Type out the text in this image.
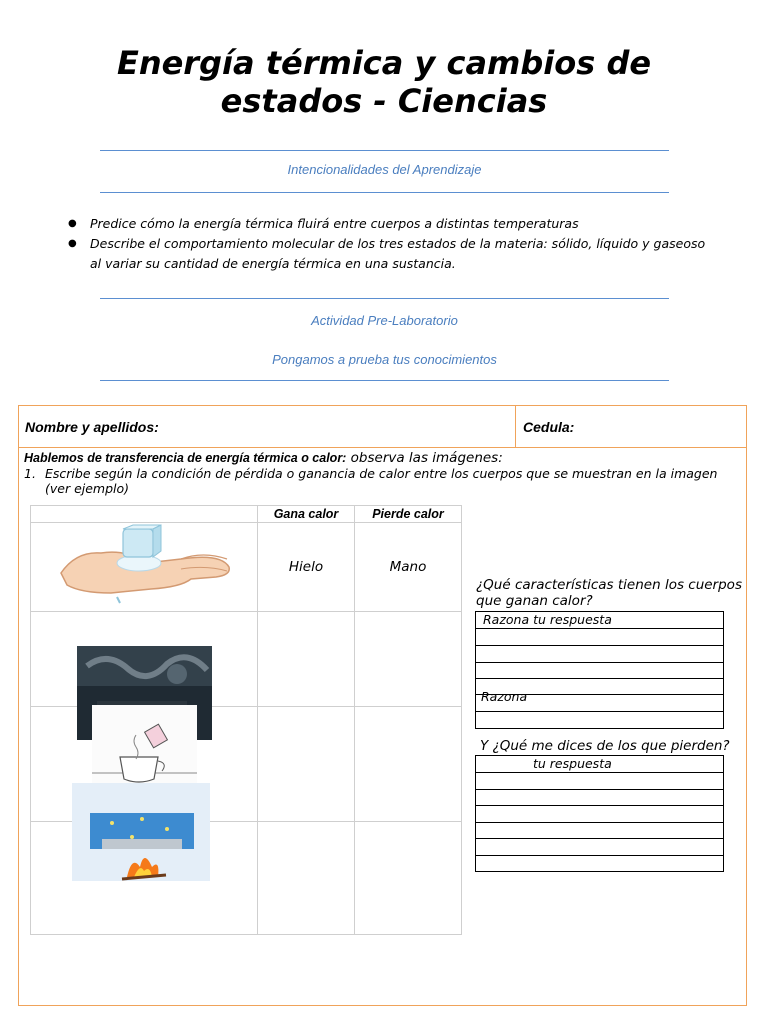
Energía térmica y cambios de
estados - Ciencias
Intencionalidades del Aprendizaje
● Predice cómo la energía térmica fluirá entre cuerpos a distintas temperaturas
● Describe el comportamiento molecular de los tres estados de la materia: sólido, líquido y gaseoso
al variar su cantidad de energía térmica en una sustancia.
Actividad Pre-Laboratorio
Pongamos a prueba tus conocimientos
Nombre y apellidos:	Cedula:
Hablemos de transferencia de energía térmica o calor: observa las imágenes:
1. Escribe según la condición de pérdida o ganancia de calor entre los cuerpos que se muestran en la imagen (ver ejemplo)
	Gana calor	Pierde calor
	Hielo	Mano

¿Qué características tienen los cuerpos que ganan calor?
Razona tu respuesta
Razona
Y ¿Qué me dices de los que pierden?
tu respuesta
